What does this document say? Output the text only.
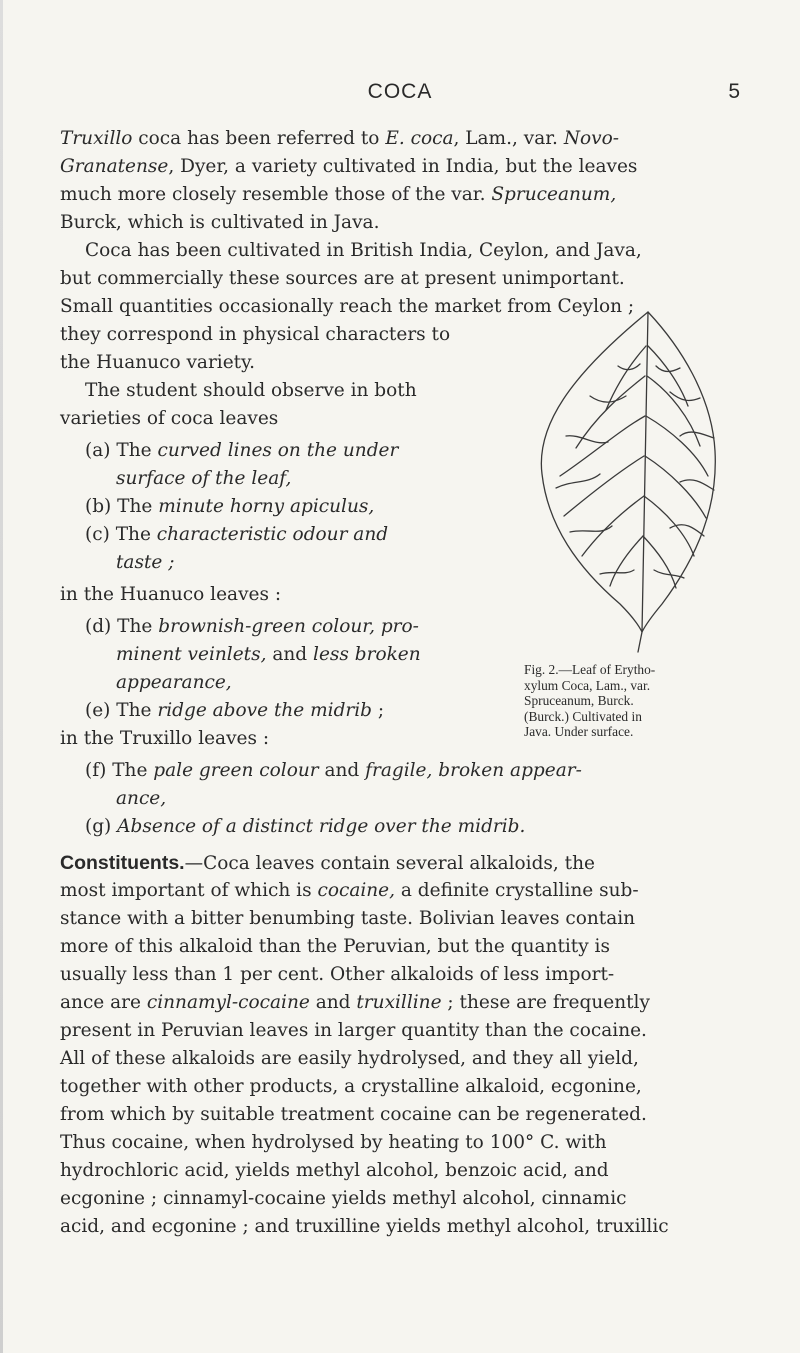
COCA	5
Truxillo coca has been referred to E. coca, Lam., var. Novo-
Granatense, Dyer, a variety cultivated in India, but the leaves
much more closely resemble those of the var. Spruceanum,
Burck, which is cultivated in Java.
Coca has been cultivated in British India, Ceylon, and Java,
but commercially these sources are at present unimportant.
Small quantities occasionally reach the market from Ceylon ;
they correspond in physical characters to
the Huanuco variety.
The student should observe in both
varieties of coca leaves
(a) The curved lines on the under
surface of the leaf,
(b) The minute horny apiculus,
(c) The characteristic odour and
taste ;
in the Huanuco leaves :
(d) The brownish-green colour, pro-
minent veinlets, and less broken
appearance,
(e) The ridge above the midrib ;
in the Truxillo leaves :
(f) The pale green colour and fragile, broken appear-
ance,
(g) Absence of a distinct ridge over the midrib.
Constituents.—Coca leaves contain several alkaloids, the
most important of which is cocaine, a definite crystalline sub-
stance with a bitter benumbing taste. Bolivian leaves contain
more of this alkaloid than the Peruvian, but the quantity is
usually less than 1 per cent. Other alkaloids of less import-
ance are cinnamyl-cocaine and truxilline ; these are frequently
present in Peruvian leaves in larger quantity than the cocaine.
All of these alkaloids are easily hydrolysed, and they all yield,
together with other products, a crystalline alkaloid, ecgonine,
from which by suitable treatment cocaine can be regenerated.
Thus cocaine, when hydrolysed by heating to 100° C. with
hydrochloric acid, yields methyl alcohol, benzoic acid, and
ecgonine ; cinnamyl-cocaine yields methyl alcohol, cinnamic
acid, and ecgonine ; and truxilline yields methyl alcohol, truxillic
Fig. 2.—Leaf of Erytho-
xylum Coca, Lam., var.
Spruceanum, Burck.
(Burck.) Cultivated in
Java. Under surface.
